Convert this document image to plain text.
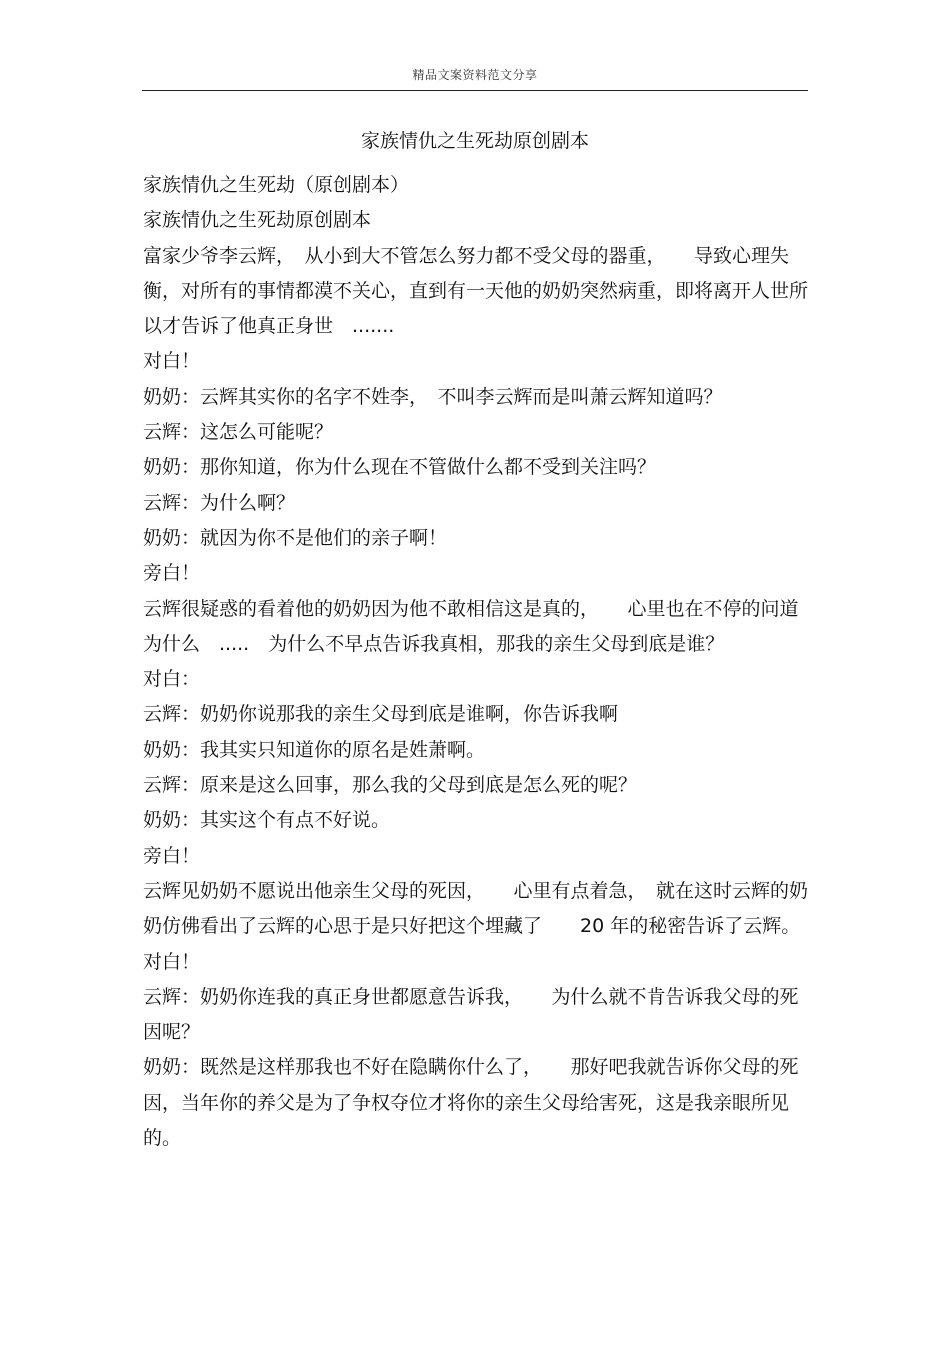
精品文案资料范文分享
家族情仇之生死劫原创剧本

家族情仇之生死劫（原创剧本）

家族情仇之生死劫原创剧本

富家少爷李云辉，　从小到大不管怎么努力都不受父母的器重，　　导致心理失衡，对所有的事情都漠不关心，直到有一天他的奶奶突然病重，即将离开人世所以才告诉了他真正身世　.......

对白！

奶奶：云辉其实你的名字不姓李，　不叫李云辉而是叫萧云辉知道吗？

云辉：这怎么可能呢？

奶奶：那你知道，你为什么现在不管做什么都不受到关注吗？

云辉：为什么啊？

奶奶：就因为你不是他们的亲子啊！

旁白！

云辉很疑惑的看着他的奶奶因为他不敢相信这是真的，　　心里也在不停的问道为什么　.....　为什么不早点告诉我真相，那我的亲生父母到底是谁？

对白：

云辉：奶奶你说那我的亲生父母到底是谁啊，你告诉我啊

奶奶：我其实只知道你的原名是姓萧啊。

云辉：原来是这么回事，那么我的父母到底是怎么死的呢？

奶奶：其实这个有点不好说。

旁白！

云辉见奶奶不愿说出他亲生父母的死因，　　心里有点着急，　就在这时云辉的奶奶仿佛看出了云辉的心思于是只好把这个埋藏了　　20 年的秘密告诉了云辉。

对白！

云辉：奶奶你连我的真正身世都愿意告诉我，　　为什么就不肯告诉我父母的死因呢？

奶奶：既然是这样那我也不好在隐瞒你什么了，　　那好吧我就告诉你父母的死因，当年你的养父是为了争权夺位才将你的亲生父母给害死，这是我亲眼所见的。
